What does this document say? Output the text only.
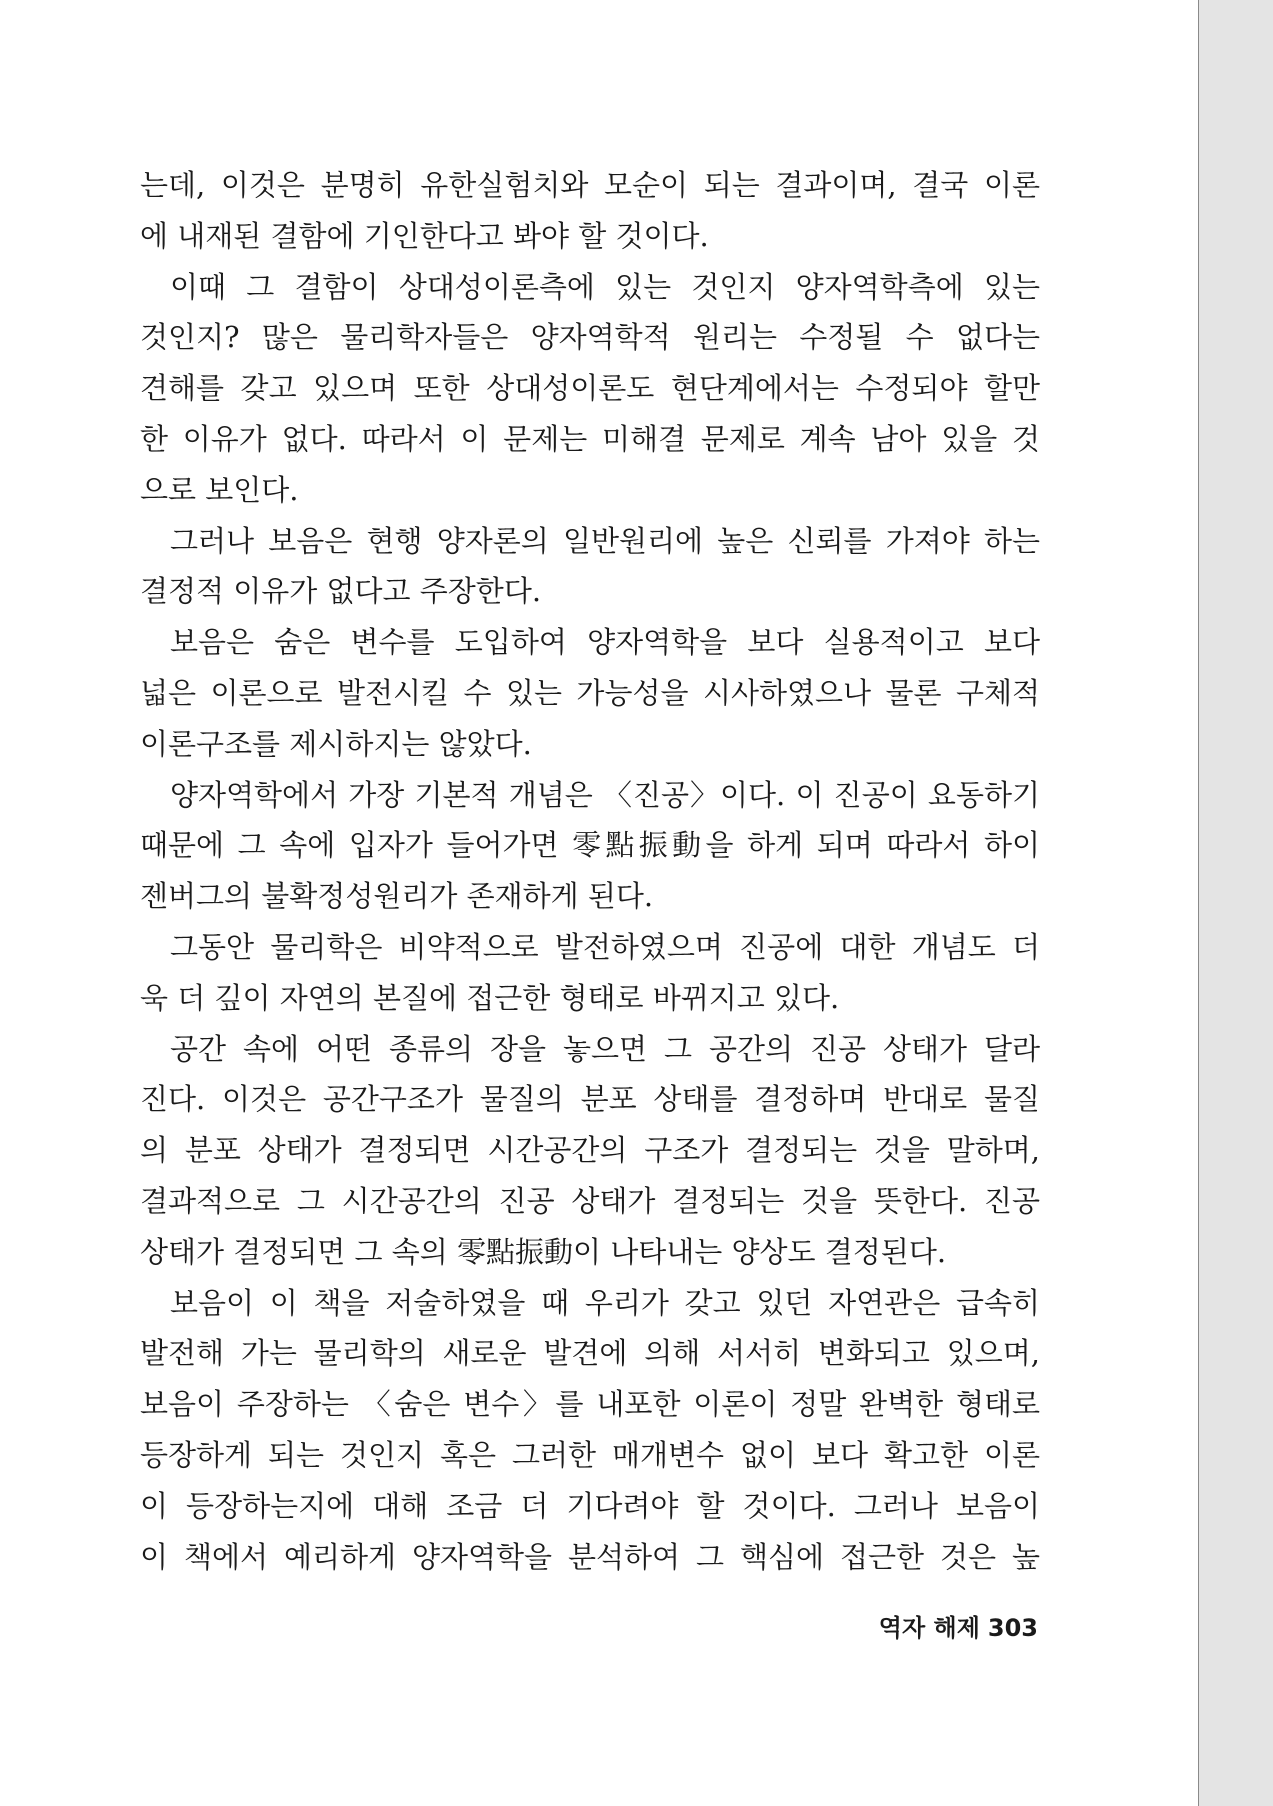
는데, 이것은 분명히 유한실험치와 모순이 되는 결과이며, 결국 이론
에 내재된 결함에 기인한다고 봐야 할 것이다.
이때 그 결함이 상대성이론측에 있는 것인지 양자역학측에 있는
것인지? 많은 물리학자들은 양자역학적 원리는 수정될 수 없다는
견해를 갖고 있으며 또한 상대성이론도 현단계에서는 수정되야 할만
한 이유가 없다. 따라서 이 문제는 미해결 문제로 계속 남아 있을 것
으로 보인다.
그러나 보음은 현행 양자론의 일반원리에 높은 신뢰를 가져야 하는
결정적 이유가 없다고 주장한다.
보음은 숨은 변수를 도입하여 양자역학을 보다 실용적이고 보다
넓은 이론으로 발전시킬 수 있는 가능성을 시사하였으나 물론 구체적
이론구조를 제시하지는 않았다.
양자역학에서 가장 기본적 개념은 〈진공〉이다. 이 진공이 요동하기
때문에 그 속에 입자가 들어가면 零點振動을 하게 되며 따라서 하이
젠버그의 불확정성원리가 존재하게 된다.
그동안 물리학은 비약적으로 발전하였으며 진공에 대한 개념도 더
욱 더 깊이 자연의 본질에 접근한 형태로 바뀌지고 있다.
공간 속에 어떤 종류의 장을 놓으면 그 공간의 진공 상태가 달라
진다. 이것은 공간구조가 물질의 분포 상태를 결정하며 반대로 물질
의 분포 상태가 결정되면 시간공간의 구조가 결정되는 것을 말하며,
결과적으로 그 시간공간의 진공 상태가 결정되는 것을 뜻한다. 진공
상태가 결정되면 그 속의 零點振動이 나타내는 양상도 결정된다.
보음이 이 책을 저술하였을 때 우리가 갖고 있던 자연관은 급속히
발전해 가는 물리학의 새로운 발견에 의해 서서히 변화되고 있으며,
보음이 주장하는 〈숨은 변수〉를 내포한 이론이 정말 완벽한 형태로
등장하게 되는 것인지 혹은 그러한 매개변수 없이 보다 확고한 이론
이 등장하는지에 대해 조금 더 기다려야 할 것이다. 그러나 보음이
이 책에서 예리하게 양자역학을 분석하여 그 핵심에 접근한 것은 높
역자 해제 303
